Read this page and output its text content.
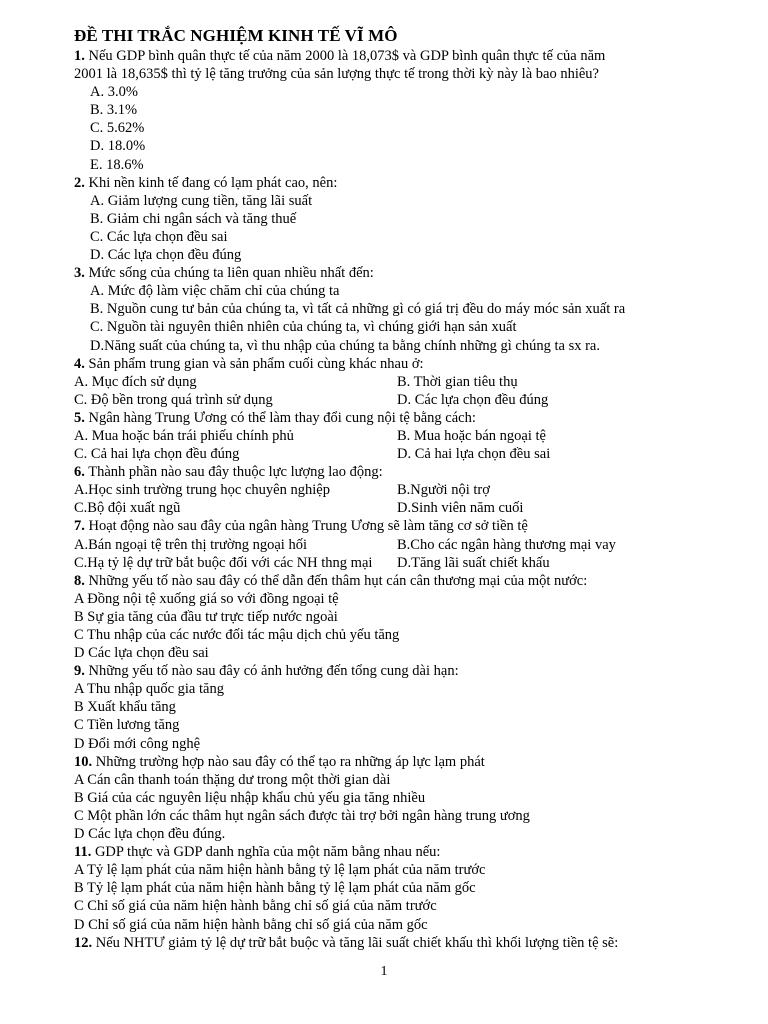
ĐỀ THI TRẮC NGHIỆM KINH TẾ VĨ MÔ
1. Nếu GDP bình quân thực tế của năm 2000 là 18,073$ và GDP bình quân thực tế của năm
2001 là 18,635$ thì tỷ lệ tăng trưởng của sản lượng thực tế trong thời kỳ này là bao nhiêu?
A. 3.0%
B. 3.1%
C. 5.62%
D. 18.0%
E. 18.6%
2. Khi nền kinh tế đang có lạm phát cao, nên:
A. Giảm lượng cung tiền, tăng lãi suất
B. Giảm chi ngân sách và tăng thuế
C. Các lựa chọn đều sai
D. Các lựa chọn đều đúng
3. Mức sống của chúng ta liên quan nhiều nhất đến:
A. Mức độ làm việc chăm chỉ của chúng ta
B. Nguồn cung tư bản của chúng ta, vì tất cả những gì có giá trị đều do máy móc sản xuất ra
C. Nguồn tài nguyên thiên nhiên của chúng ta, vì chúng giới hạn sản xuất
D.Năng suất của chúng ta, vì thu nhập của chúng ta bằng chính những gì chúng ta sx ra.
4. Sản phẩm trung gian và sản phẩm cuối cùng khác nhau ở:
A. Mục đích sử dụng	B. Thời gian tiêu thụ
C. Độ bền trong quá trình sử dụng	D. Các lựa chọn đều đúng
5. Ngân hàng Trung Ương có thể làm thay đổi cung nội tệ bằng cách:
A. Mua hoặc bán trái phiếu chính phủ	B. Mua hoặc bán ngoại tệ
C. Cả hai lựa chọn đều đúng	D. Cả hai lựa chọn đều sai
6. Thành phần nào sau đây thuộc lực lượng lao động:
A.Học sinh trường trung học chuyên nghiệp	B.Người nội trợ
C.Bộ đội xuất ngũ	D.Sinh viên năm cuối
7. Hoạt động nào sau đây của ngân hàng Trung Ương sẽ làm tăng cơ sở tiền tệ
A.Bán ngoại tệ trên thị trường ngoại hối	B.Cho các ngân hàng thương mại vay
C.Hạ tỷ lệ dự trữ bắt buộc đối với các NH thng mại	D.Tăng lãi suất chiết khấu
8. Những yếu tố nào sau đây có thể dẫn đến thâm hụt cán cân thương mại của một nước:
A Đồng nội tệ xuống giá so với đồng ngoại tệ
B Sự gia tăng của đầu tư trực tiếp nước ngoài
C Thu nhập của các nước đối tác mậu dịch chủ yếu tăng
D Các lựa chọn đều sai
9. Những yếu tố nào sau đây có ảnh hưởng đến tổng cung dài hạn:
A Thu nhập quốc gia tăng
B Xuất khẩu tăng
C Tiền lương tăng
D Đổi mới công nghệ
10. Những trường hợp nào sau đây có thể tạo ra những áp lực lạm phát
A Cán cân thanh toán thặng dư trong một thời gian dài
B Giá của các nguyên liệu nhập khẩu chủ yếu gia tăng nhiều
C Một phần lớn các thâm hụt ngân sách được tài trợ bởi ngân hàng trung ương
D Các lựa chọn đều đúng.
11. GDP thực và GDP danh nghĩa của một năm bằng nhau nếu:
A Tỷ lệ lạm phát của năm hiện hành bằng tỷ lệ lạm phát của năm trước
B Tỷ lệ lạm phát của năm hiện hành bằng tỷ lệ lạm phát của năm gốc
C Chỉ số giá của năm hiện hành bằng chỉ số giá của năm trước
D Chỉ số giá của năm hiện hành bằng chỉ số giá của năm gốc
12. Nếu NHTƯ giảm tỷ lệ dự trữ bắt buộc và tăng lãi suất chiết khấu thì khối lượng tiền tệ sẽ:
1
